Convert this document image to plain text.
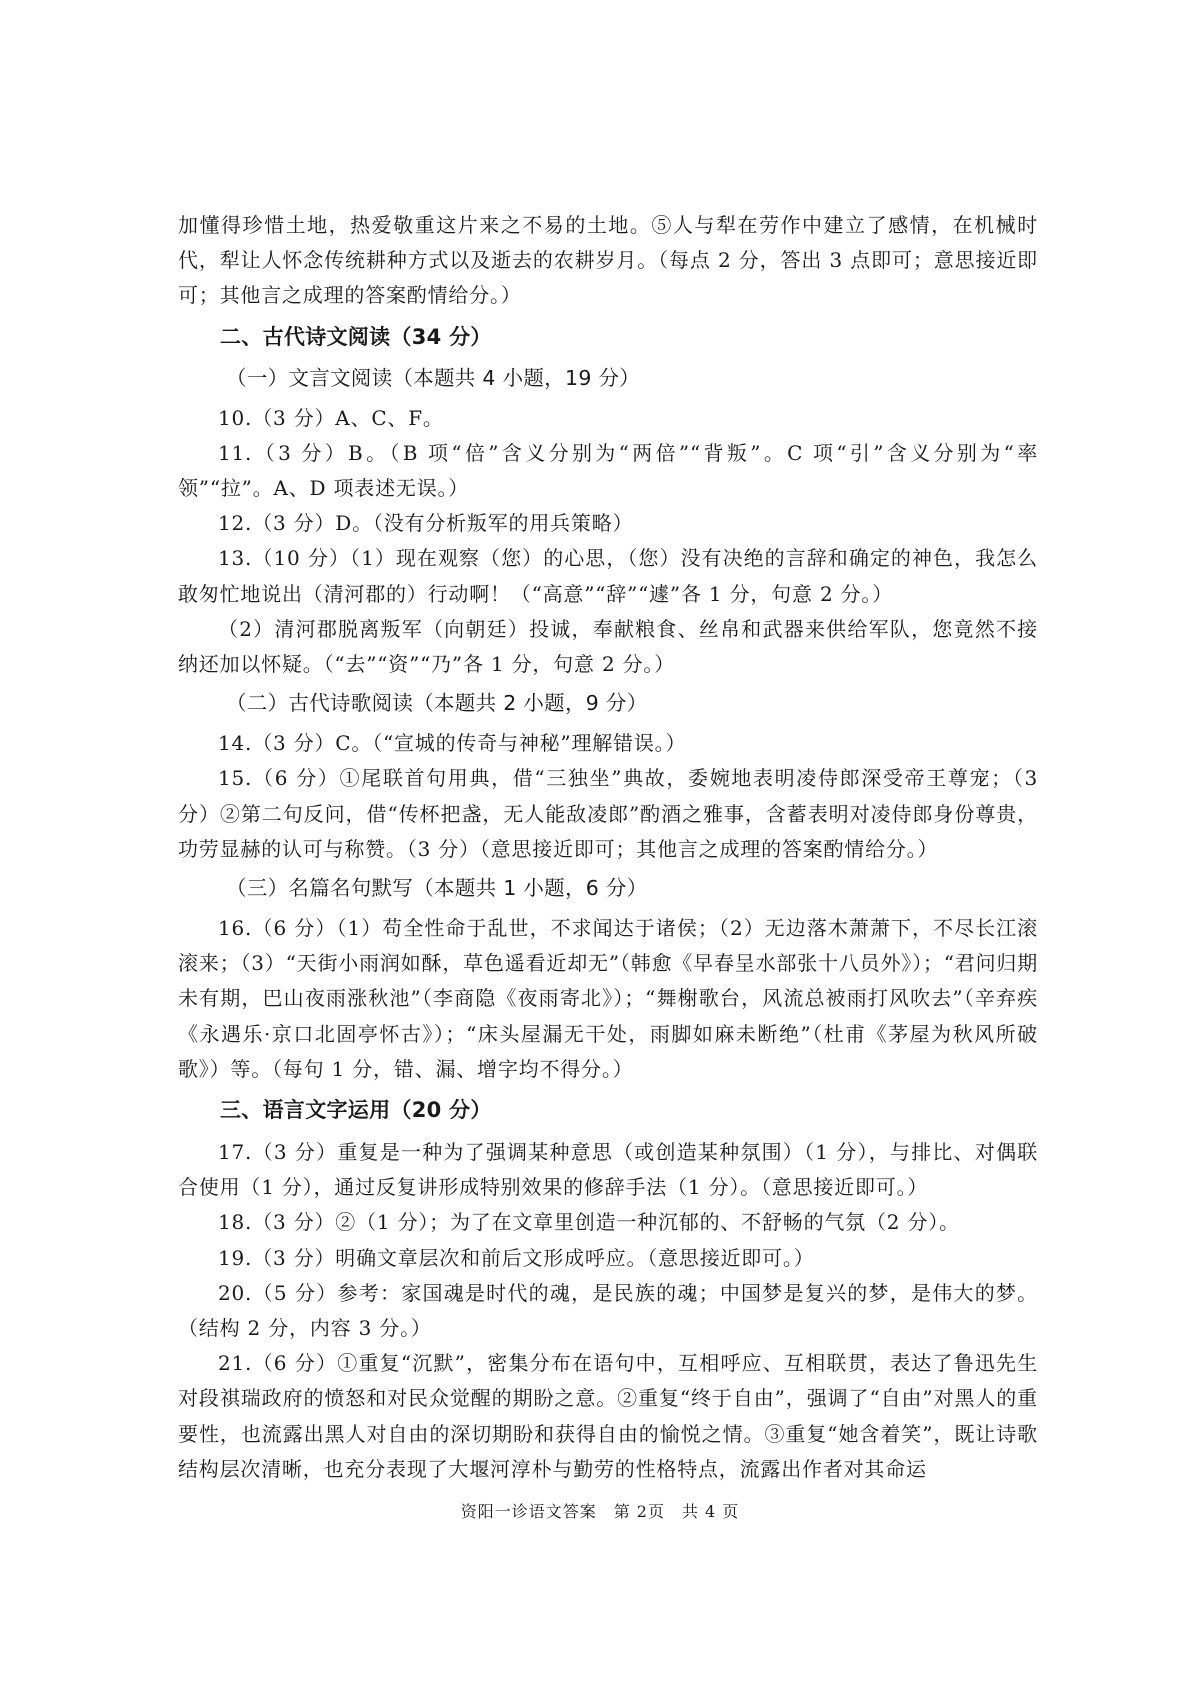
加懂得珍惜土地，热爱敬重这片来之不易的土地。⑤人与犁在劳作中建立了感情，在机械时代，犁让人怀念传统耕种方式以及逝去的农耕岁月。（每点 2 分，答出 3 点即可；意思接近即可；其他言之成理的答案酌情给分。）

二、古代诗文阅读（34 分）

（一）文言文阅读（本题共 4 小题，19 分）

10.（3 分）A、C、F。

11.（3 分）B。（B 项“倍”含义分别为“两倍”“背叛”。C 项“引”含义分别为“率领”“拉”。A、D 项表述无误。）

12.（3 分）D。（没有分析叛军的用兵策略）

13.（10 分）（1）现在观察（您）的心思，（您）没有决绝的言辞和确定的神色，我怎么敢匆忙地说出（清河郡的）行动啊！（“高意”“辞”“遽”各 1 分，句意 2 分。）

（2）清河郡脱离叛军（向朝廷）投诚，奉献粮食、丝帛和武器来供给军队，您竟然不接纳还加以怀疑。（“去”“资”“乃”各 1 分，句意 2 分。）

（二）古代诗歌阅读（本题共 2 小题，9 分）

14.（3 分）C。（“宣城的传奇与神秘”理解错误。）

15.（6 分）①尾联首句用典，借“三独坐”典故，委婉地表明凌侍郎深受帝王尊宠；（3 分）②第二句反问，借“传杯把盏，无人能敌凌郎”酌酒之雅事，含蓄表明对凌侍郎身份尊贵，功劳显赫的认可与称赞。（3 分）（意思接近即可；其他言之成理的答案酌情给分。）

（三）名篇名句默写（本题共 1 小题，6 分）

16.（6 分）（1）苟全性命于乱世，不求闻达于诸侯；（2）无边落木萧萧下，不尽长江滚滚来；（3）“天街小雨润如酥，草色遥看近却无”（韩愈《早春呈水部张十八员外》）；“君问归期未有期，巴山夜雨涨秋池”（李商隐《夜雨寄北》）；“舞榭歌台，风流总被雨打风吹去”（辛弃疾《永遇乐·京口北固亭怀古》）；“床头屋漏无干处，雨脚如麻未断绝”（杜甫《茅屋为秋风所破歌》）等。（每句 1 分，错、漏、增字均不得分。）

三、语言文字运用（20 分）

17.（3 分）重复是一种为了强调某种意思（或创造某种氛围）（1 分），与排比、对偶联合使用（1 分），通过反复讲形成特别效果的修辞手法（1 分）。（意思接近即可。）

18.（3 分）②（1 分）；为了在文章里创造一种沉郁的、不舒畅的气氛（2 分）。

19.（3 分）明确文章层次和前后文形成呼应。（意思接近即可。）

20.（5 分）参考：家国魂是时代的魂，是民族的魂；中国梦是复兴的梦，是伟大的梦。（结构 2 分，内容 3 分。）

21.（6 分）①重复“沉默”，密集分布在语句中，互相呼应、互相联贯，表达了鲁迅先生对段祺瑞政府的愤怒和对民众觉醒的期盼之意。②重复“终于自由”，强调了“自由”对黑人的重要性，也流露出黑人对自由的深切期盼和获得自由的愉悦之情。③重复“她含着笑”，既让诗歌结构层次清晰，也充分表现了大堰河淳朴与勤劳的性格特点，流露出作者对其命运

资阳一诊语文答案　第 2页　共 4 页
